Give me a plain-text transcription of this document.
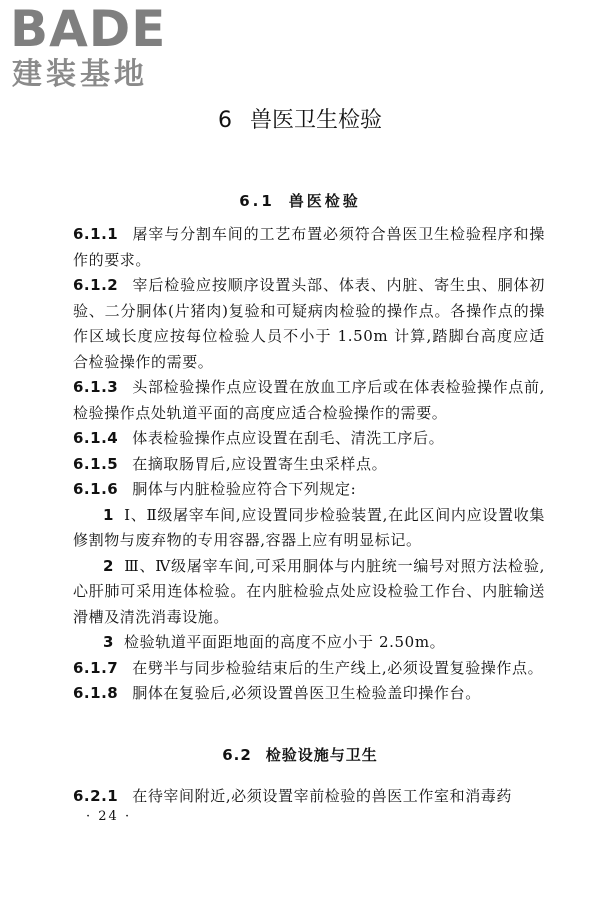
BADE
建装基地
6 兽医卫生检验
6.1 兽医检验

6.1.1 屠宰与分割车间的工艺布置必须符合兽医卫生检验程序和操作的要求。

6.1.2 宰后检验应按顺序设置头部、体表、内脏、寄生虫、胴体初验、二分胴体(片猪肉)复验和可疑病肉检验的操作点。各操作点的操作区域长度应按每位检验人员不小于 1.50m 计算,踏脚台高度应适合检验操作的需要。

6.1.3 头部检验操作点应设置在放血工序后或在体表检验操作点前,检验操作点处轨道平面的高度应适合检验操作的需要。

6.1.4 体表检验操作点应设置在刮毛、清洗工序后。

6.1.5 在摘取肠胃后,应设置寄生虫采样点。

6.1.6 胴体与内脏检验应符合下列规定:

1 Ⅰ、Ⅱ级屠宰车间,应设置同步检验装置,在此区间内应设置收集修割物与废弃物的专用容器,容器上应有明显标记。

2 Ⅲ、Ⅳ级屠宰车间,可采用胴体与内脏统一编号对照方法检验,心肝肺可采用连体检验。在内脏检验点处应设检验工作台、内脏输送滑槽及清洗消毒设施。

3 检验轨道平面距地面的高度不应小于 2.50m。

6.1.7 在劈半与同步检验结束后的生产线上,必须设置复验操作点。

6.1.8 胴体在复验后,必须设置兽医卫生检验盖印操作台。

6.2 检验设施与卫生

6.2.1 在待宰间附近,必须设置宰前检验的兽医工作室和消毒药

· 24 ·
